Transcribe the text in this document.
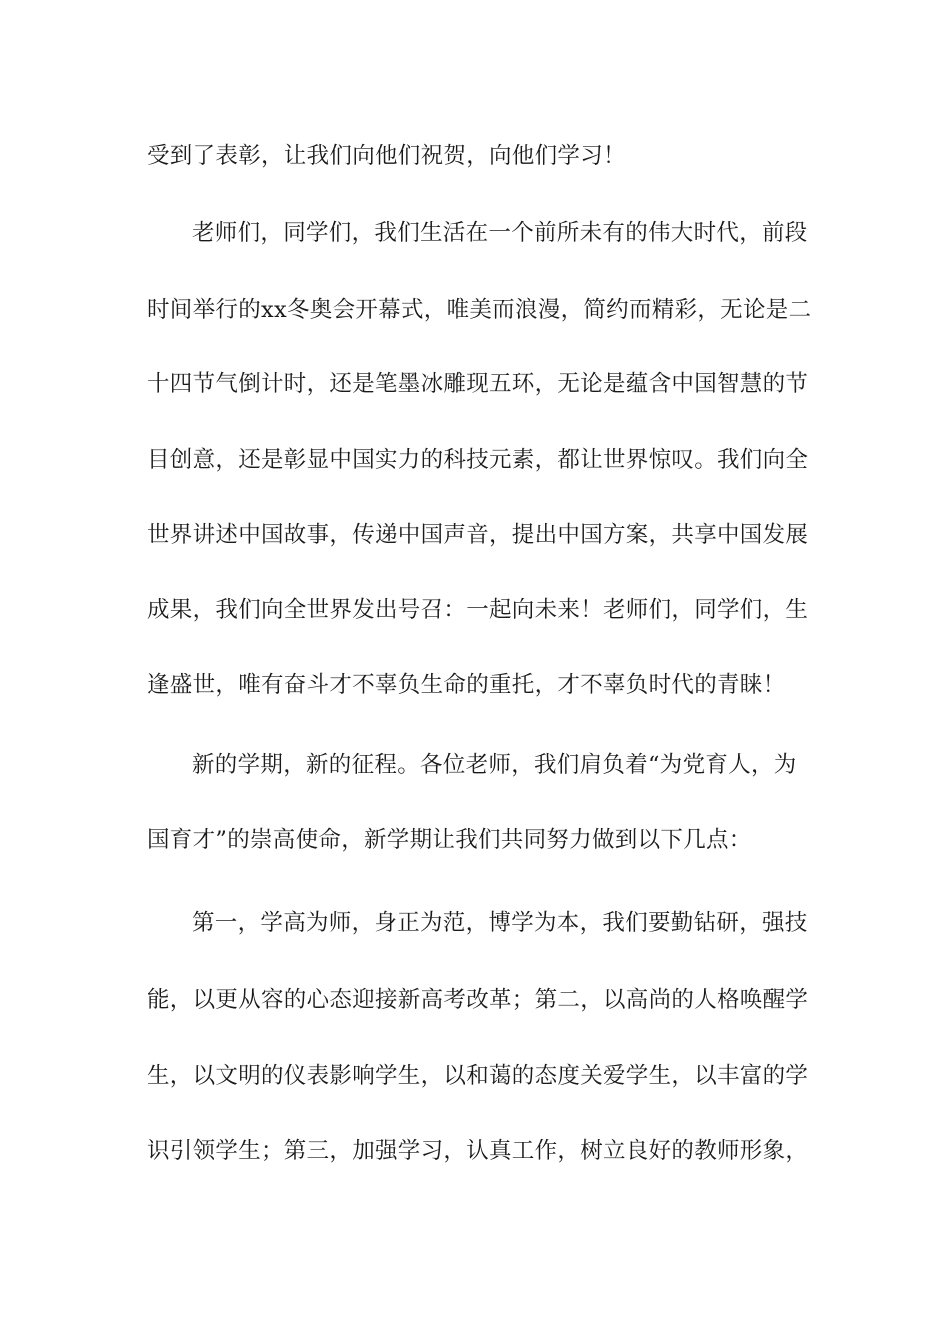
受到了表彰，让我们向他们祝贺，向他们学习！
老师们，同学们，我们生活在一个前所未有的伟大时代，前段
时间举行的xx冬奥会开幕式，唯美而浪漫，简约而精彩，无论是二
十四节气倒计时，还是笔墨冰雕现五环，无论是蕴含中国智慧的节
目创意，还是彰显中国实力的科技元素，都让世界惊叹。我们向全
世界讲述中国故事，传递中国声音，提出中国方案，共享中国发展
成果，我们向全世界发出号召：一起向未来！老师们，同学们，生
逢盛世，唯有奋斗才不辜负生命的重托，才不辜负时代的青睐！
新的学期，新的征程。各位老师，我们肩负着“为党育人，为
国育才”的崇高使命，新学期让我们共同努力做到以下几点：
第一，学高为师，身正为范，博学为本，我们要勤钻研，强技
能，以更从容的心态迎接新高考改革；第二，以高尚的人格唤醒学
生，以文明的仪表影响学生，以和蔼的态度关爱学生，以丰富的学
识引领学生；第三，加强学习，认真工作，树立良好的教师形象，
